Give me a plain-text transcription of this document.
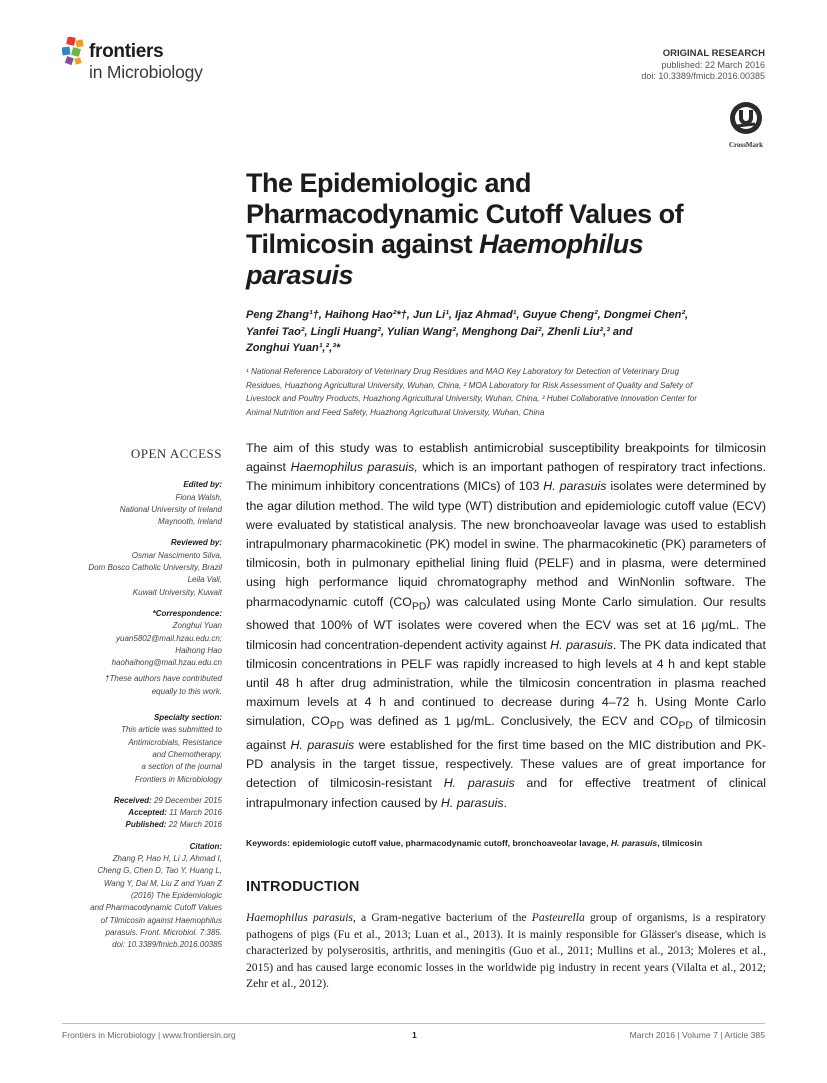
frontiers
in Microbiology
ORIGINAL RESEARCH
published: 22 March 2016
doi: 10.3389/fmicb.2016.00385
CrossMark
The Epidemiologic and Pharmacodynamic Cutoff Values of Tilmicosin against Haemophilus parasuis
Peng Zhang¹†, Haihong Hao²*†, Jun Li¹, Ijaz Ahmad¹, Guyue Cheng², Dongmei Chen²,
Yanfei Tao², Lingli Huang², Yulian Wang², Menghong Dai², Zhenli Liu²,³ and
Zonghui Yuan¹,²,³*
¹ National Reference Laboratory of Veterinary Drug Residues and MAO Key Laboratory for Detection of Veterinary Drug
Residues, Huazhong Agricultural University, Wuhan, China, ² MOA Laboratory for Risk Assessment of Quality and Safety of
Livestock and Poultry Products, Huazhong Agricultural University, Wuhan, China, ³ Hubei Collaborative Innovation Center for
Animal Nutrition and Feed Safety, Huazhong Agricultural University, Wuhan, China
OPEN ACCESS
Edited by:
Fiona Walsh,
National University of Ireland
Maynooth, Ireland
Reviewed by:
Osmar Nascimento Silva,
Dom Bosco Catholic University, Brazil
Leila Vali,
Kuwait University, Kuwait
*Correspondence:
Zonghui Yuan
yuan5802@mail.hzau.edu.cn;
Haihong Hao
haohaihong@mail.hzau.edu.cn
†These authors have contributed
equally to this work.
Specialty section:
This article was submitted to
Antimicrobials, Resistance
and Chemotherapy,
a section of the journal
Frontiers in Microbiology
Received: 29 December 2015
Accepted: 11 March 2016
Published: 22 March 2016
Citation:
Zhang P, Hao H, Li J, Ahmad I,
Cheng G, Chen D, Tao Y, Huang L,
Wang Y, Dai M, Liu Z and Yuan Z
(2016) The Epidemiologic
and Pharmacodynamic Cutoff Values
of Tilmicosin against Haemophilus
parasuis. Front. Microbiol. 7:385.
doi: 10.3389/fmicb.2016.00385

The aim of this study was to establish antimicrobial susceptibility breakpoints for tilmicosin against Haemophilus parasuis, which is an important pathogen of respiratory tract infections. The minimum inhibitory concentrations (MICs) of 103 H. parasuis isolates were determined by the agar dilution method. The wild type (WT) distribution and epidemiologic cutoff value (ECV) were evaluated by statistical analysis. The new bronchoaveolar lavage was used to establish intrapulmonary pharmacokinetic (PK) model in swine. The pharmacokinetic (PK) parameters of tilmicosin, both in pulmonary epithelial lining fluid (PELF) and in plasma, were determined using high performance liquid chromatography method and WinNonlin software. The pharmacodynamic cutoff $(CO_{PD})$ was calculated using Monte Carlo simulation. Our results showed that 100% of WT isolates were covered when the ECV was set at 16 μg/mL. The tilmicosin had concentration-dependent activity against H. parasuis. The PK data indicated that tilmicosin concentrations in PELF was rapidly increased to high levels at 4 h and kept stable until 48 h after drug administration, while the tilmicosin concentration in plasma reached maximum levels at 4 h and continued to decrease during 4–72 h. Using Monte Carlo simulation, $CO_{PD}$ was defined as 1 μg/mL. Conclusively, the ECV and $CO_{PD}$ of tilmicosin against H. parasuis were established for the first time based on the MIC distribution and PK-PD analysis in the target tissue, respectively. These values are of great importance for detection of tilmicosin-resistant H. parasuis and for effective treatment of clinical intrapulmonary infection caused by H. parasuis.

Keywords: epidemiologic cutoff value, pharmacodynamic cutoff, bronchoaveolar lavage, H. parasuis, tilmicosin
INTRODUCTION

Haemophilus parasuis, a Gram-negative bacterium of the Pasteurella group of organisms, is a respiratory pathogens of pigs (Fu et al., 2013; Luan et al., 2013). It is mainly responsible for Glässer's disease, which is characterized by polyserositis, arthritis, and meningitis (Guo et al., 2011; Mullins et al., 2013; Moleres et al., 2015) and has caused large economic losses in the worldwide pig industry in recent years (Vilalta et al., 2012; Zehr et al., 2012).

Frontiers in Microbiology | www.frontiersin.org	1	March 2016 | Volume 7 | Article 385
